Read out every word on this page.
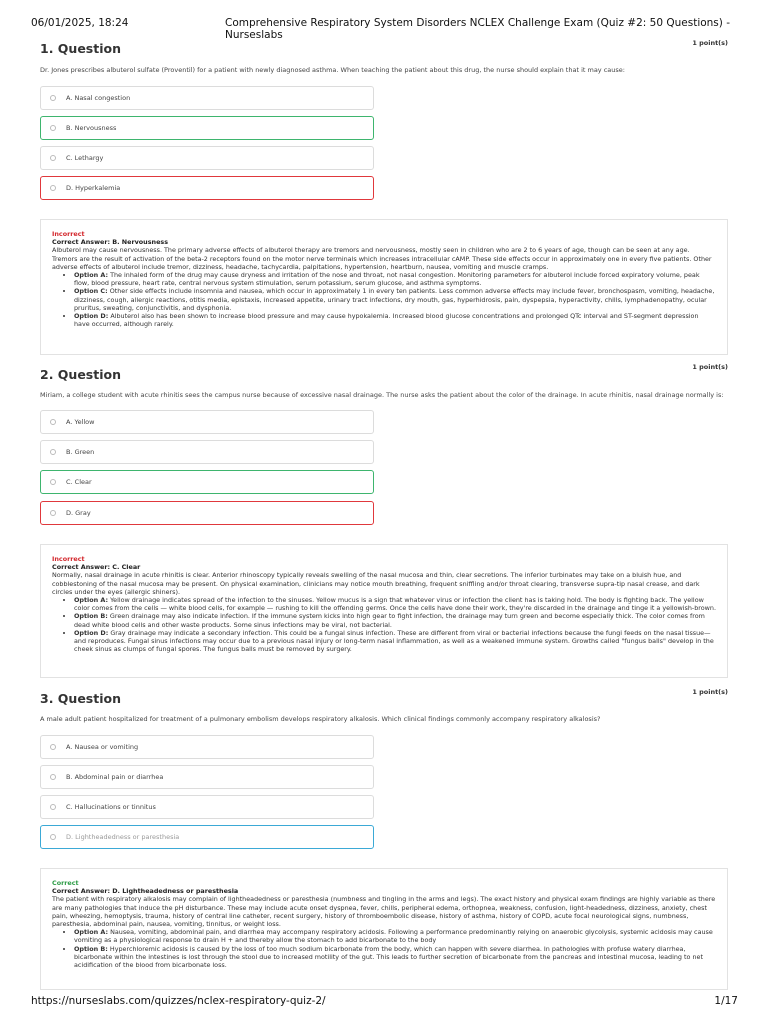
06/01/2025, 18:24	Comprehensive Respiratory System Disorders NCLEX Challenge Exam (Quiz #2: 50 Questions) - Nurseslabs
1. Question	1 point(s)
Dr. Jones prescribes albuterol sulfate (Proventil) for a patient with newly diagnosed asthma. When teaching the patient about this drug, the nurse should explain that it may cause:
A. Nasal congestion
B. Nervousness
C. Lethargy
D. Hyperkalemia
Incorrect
Correct Answer: B. Nervousness
Albuterol may cause nervousness. The primary adverse effects of albuterol therapy are tremors and nervousness, mostly seen in children who are 2 to 6 years of age, though can be seen at any age. Tremors are the result of activation of the beta-2 receptors found on the motor nerve terminals which increases intracellular cAMP. These side effects occur in approximately one in every five patients. Other adverse effects of albuterol include tremor, dizziness, headache, tachycardia, palpitations, hypertension, heartburn, nausea, vomiting and muscle cramps.
• Option A: The inhaled form of the drug may cause dryness and irritation of the nose and throat, not nasal congestion. Monitoring parameters for albuterol include forced expiratory volume, peak flow, blood pressure, heart rate, central nervous system stimulation, serum potassium, serum glucose, and asthma symptoms.
• Option C: Other side effects include insomnia and nausea, which occur in approximately 1 in every ten patients. Less common adverse effects may include fever, bronchospasm, vomiting, headache, dizziness, cough, allergic reactions, otitis media, epistaxis, increased appetite, urinary tract infections, dry mouth, gas, hyperhidrosis, pain, dyspepsia, hyperactivity, chills, lymphadenopathy, ocular pruritus, sweating, conjunctivitis, and dysphonia.
• Option D: Albuterol also has been shown to increase blood pressure and may cause hypokalemia. Increased blood glucose concentrations and prolonged QTc interval and ST-segment depression have occurred, although rarely.
1 point(s)
2. Question
Miriam, a college student with acute rhinitis sees the campus nurse because of excessive nasal drainage. The nurse asks the patient about the color of the drainage. In acute rhinitis, nasal drainage normally is:
A. Yellow
B. Green
C. Clear
D. Gray
Incorrect
Correct Answer: C. Clear
Normally, nasal drainage in acute rhinitis is clear. Anterior rhinoscopy typically reveals swelling of the nasal mucosa and thin, clear secretions. The inferior turbinates may take on a bluish hue, and cobblestoning of the nasal mucosa may be present. On physical examination, clinicians may notice mouth breathing, frequent sniffling and/or throat clearing, transverse supra-tip nasal crease, and dark circles under the eyes (allergic shiners).
• Option A: Yellow drainage indicates spread of the infection to the sinuses. Yellow mucus is a sign that whatever virus or infection the client has is taking hold. The body is fighting back. The yellow color comes from the cells — white blood cells, for example — rushing to kill the offending germs. Once the cells have done their work, they're discarded in the drainage and tinge it a yellowish-brown.
• Option B: Green drainage may also indicate infection. If the immune system kicks into high gear to fight infection, the drainage may turn green and become especially thick. The color comes from dead white blood cells and other waste products. Some sinus infections may be viral, not bacterial.
• Option D: Gray drainage may indicate a secondary infection. This could be a fungal sinus infection. These are different from viral or bacterial infections because the fungi feeds on the nasal tissue—and reproduces. Fungal sinus infections may occur due to a previous nasal injury or long-term nasal inflammation, as well as a weakened immune system. Growths called "fungus balls" develop in the cheek sinus as clumps of fungal spores. The fungus balls must be removed by surgery.
1 point(s)
3. Question
A male adult patient hospitalized for treatment of a pulmonary embolism develops respiratory alkalosis. Which clinical findings commonly accompany respiratory alkalosis?
A. Nausea or vomiting
B. Abdominal pain or diarrhea
C. Hallucinations or tinnitus
D. Lightheadedness or paresthesia
Correct
Correct Answer: D. Lightheadedness or paresthesia
The patient with respiratory alkalosis may complain of lightheadedness or paresthesia (numbness and tingling in the arms and legs). The exact history and physical exam findings are highly variable as there are many pathologies that induce the pH disturbance. These may include acute onset dyspnea, fever, chills, peripheral edema, orthopnea, weakness, confusion, light-headedness, dizziness, anxiety, chest pain, wheezing, hemoptysis, trauma, history of central line catheter, recent surgery, history of thromboembolic disease, history of asthma, history of COPD, acute focal neurological signs, numbness, paresthesia, abdominal pain, nausea, vomiting, tinnitus, or weight loss.
• Option A: Nausea, vomiting, abdominal pain, and diarrhea may accompany respiratory acidosis. Following a performance predominantly relying on anaerobic glycolysis, systemic acidosis may cause vomiting as a physiological response to drain H + and thereby allow the stomach to add bicarbonate to the body
• Option B: Hyperchloremic acidosis is caused by the loss of too much sodium bicarbonate from the body, which can happen with severe diarrhea. In pathologies with profuse watery diarrhea, bicarbonate within the intestines is lost through the stool due to increased motility of the gut. This leads to further secretion of bicarbonate from the pancreas and intestinal mucosa, leading to net acidification of the blood from bicarbonate loss.
https://nurseslabs.com/quizzes/nclex-respiratory-quiz-2/	1/17
